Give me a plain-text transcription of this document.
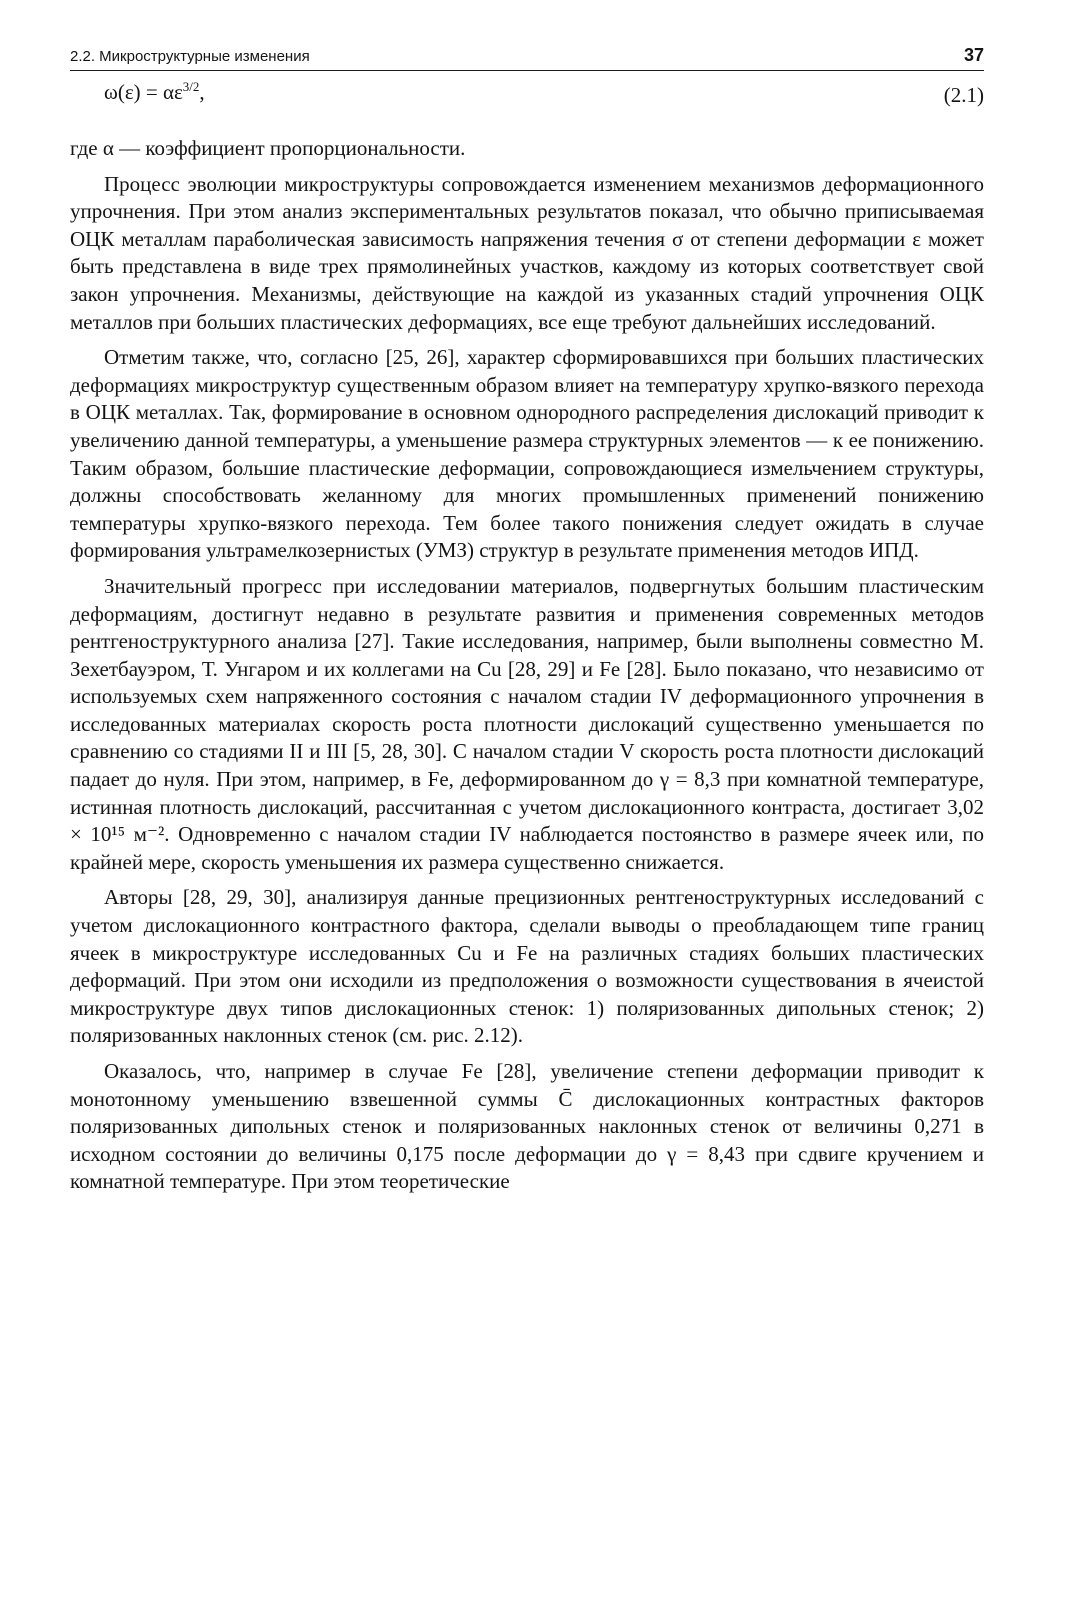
2.2. Микроструктурные изменения	37
$\omega(\varepsilon) = \alpha\varepsilon^{3/2}$,	(2.1)

где α — коэффициент пропорциональности.

Процесс эволюции микроструктуры сопровождается изменением механизмов деформационного упрочнения. При этом анализ экспериментальных результатов показал, что обычно приписываемая ОЦК металлам параболическая зависимость напряжения течения σ от степени деформации ε может быть представлена в виде трех прямолинейных участков, каждому из которых соответствует свой закон упрочнения. Механизмы, действующие на каждой из указанных стадий упрочнения ОЦК металлов при больших пластических деформациях, все еще требуют дальнейших исследований.

Отметим также, что, согласно [25, 26], характер сформировавшихся при больших пластических деформациях микроструктур существенным образом влияет на температуру хрупко-вязкого перехода в ОЦК металлах. Так, формирование в основном однородного распределения дислокаций приводит к увеличению данной температуры, а уменьшение размера структурных элементов — к ее понижению. Таким образом, большие пластические деформации, сопровождающиеся измельчением структуры, должны способствовать желанному для многих промышленных применений понижению температуры хрупко-вязкого перехода. Тем более такого понижения следует ожидать в случае формирования ультрамелкозернистых (УМЗ) структур в результате применения методов ИПД.

Значительный прогресс при исследовании материалов, подвергнутых большим пластическим деформациям, достигнут недавно в результате развития и применения современных методов рентгеноструктурного анализа [27]. Такие исследования, например, были выполнены совместно М. Зехетбауэром, Т. Унгаром и их коллегами на Cu [28, 29] и Fe [28]. Было показано, что независимо от используемых схем напряженного состояния с началом стадии IV деформационного упрочнения в исследованных материалах скорость роста плотности дислокаций существенно уменьшается по сравнению со стадиями II и III [5, 28, 30]. С началом стадии V скорость роста плотности дислокаций падает до нуля. При этом, например, в Fe, деформированном до γ = 8,3 при комнатной температуре, истинная плотность дислокаций, рассчитанная с учетом дислокационного контраста, достигает 3,02 × 10¹⁵ м⁻². Одновременно с началом стадии IV наблюдается постоянство в размере ячеек или, по крайней мере, скорость уменьшения их размера существенно снижается.

Авторы [28, 29, 30], анализируя данные прецизионных рентгеноструктурных исследований с учетом дислокационного контрастного фактора, сделали выводы о преобладающем типе границ ячеек в микроструктуре исследованных Cu и Fe на различных стадиях больших пластических деформаций. При этом они исходили из предположения о возможности существования в ячеистой микроструктуре двух типов дислокационных стенок: 1) поляризованных дипольных стенок; 2) поляризованных наклонных стенок (см. рис. 2.12).

Оказалось, что, например в случае Fe [28], увеличение степени деформации приводит к монотонному уменьшению взвешенной суммы C̄ дислокационных контрастных факторов поляризованных дипольных стенок и поляризованных наклонных стенок от величины 0,271 в исходном состоянии до величины 0,175 после деформации до γ = 8,43 при сдвиге кручением и комнатной температуре. При этом теоретические
